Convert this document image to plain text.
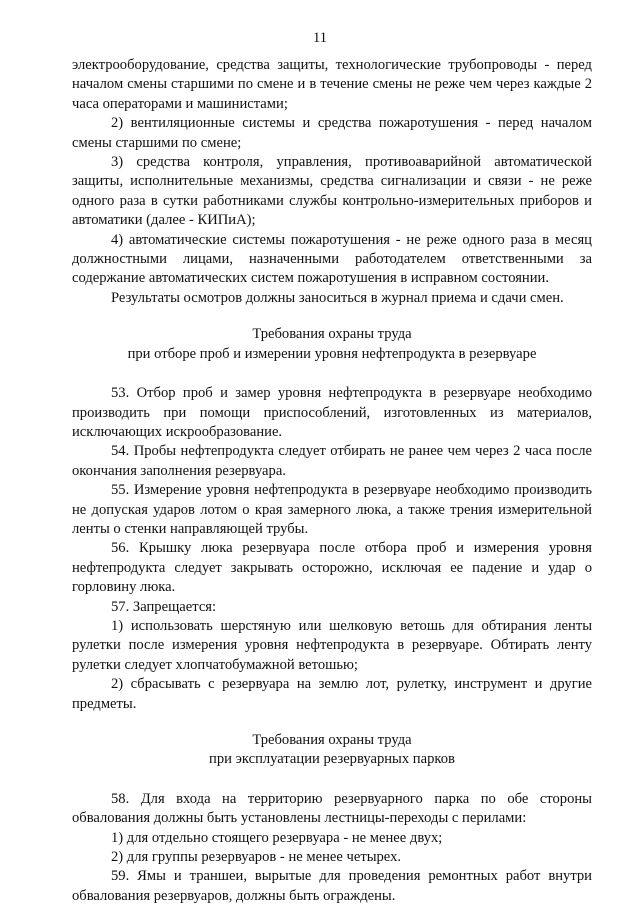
11

электрооборудование, средства защиты, технологические трубопроводы - перед началом смены старшими по смене и в течение смены не реже чем через каждые 2 часа операторами и машинистами;

2) вентиляционные системы и средства пожаротушения - перед началом смены старшими по смене;

3) средства контроля, управления, противоаварийной автоматической защиты, исполнительные механизмы, средства сигнализации и связи - не реже одного раза в сутки работниками службы контрольно-измерительных приборов и автоматики (далее - КИПиА);

4) автоматические системы пожаротушения - не реже одного раза в месяц должностными лицами, назначенными работодателем ответственными за содержание автоматических систем пожаротушения в исправном состоянии.

Результаты осмотров должны заноситься в журнал приема и сдачи смен.

Требования охраны труда

при отборе проб и измерении уровня нефтепродукта в резервуаре

53. Отбор проб и замер уровня нефтепродукта в резервуаре необходимо производить при помощи приспособлений, изготовленных из материалов, исключающих искрообразование.

54. Пробы нефтепродукта следует отбирать не ранее чем через 2 часа после окончания заполнения резервуара.

55. Измерение уровня нефтепродукта в резервуаре необходимо производить не допуская ударов лотом о края замерного люка, а также трения измерительной ленты о стенки направляющей трубы.

56. Крышку люка резервуара после отбора проб и измерения уровня нефтепродукта следует закрывать осторожно, исключая ее падение и удар о горловину люка.

57. Запрещается:

1) использовать шерстяную или шелковую ветошь для обтирания ленты рулетки после измерения уровня нефтепродукта в резервуаре. Обтирать ленту рулетки следует хлопчатобумажной ветошью;

2) сбрасывать с резервуара на землю лот, рулетку, инструмент и другие предметы.

Требования охраны труда

при эксплуатации резервуарных парков

58. Для входа на территорию резервуарного парка по обе стороны обвалования должны быть установлены лестницы-переходы с перилами:

1) для отдельно стоящего резервуара - не менее двух;

2) для группы резервуаров - не менее четырех.

59. Ямы и траншеи, вырытые для проведения ремонтных работ внутри обвалования резервуаров, должны быть ограждены.
